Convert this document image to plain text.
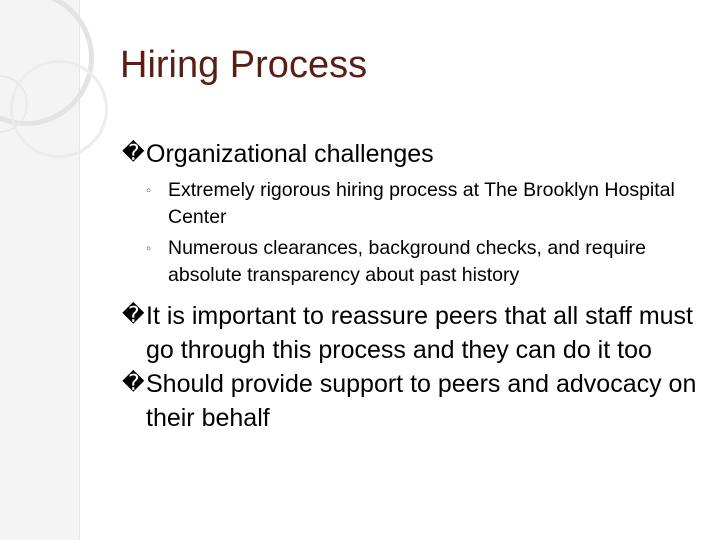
Hiring Process
� Organizational challenges
◦ Extremely rigorous hiring process at The Brooklyn Hospital Center
◦ Numerous clearances, background checks, and require absolute transparency about past history
� It is important to reassure peers that all staff must go through this process and they can do it too
� Should provide support to peers and advocacy on their behalf
